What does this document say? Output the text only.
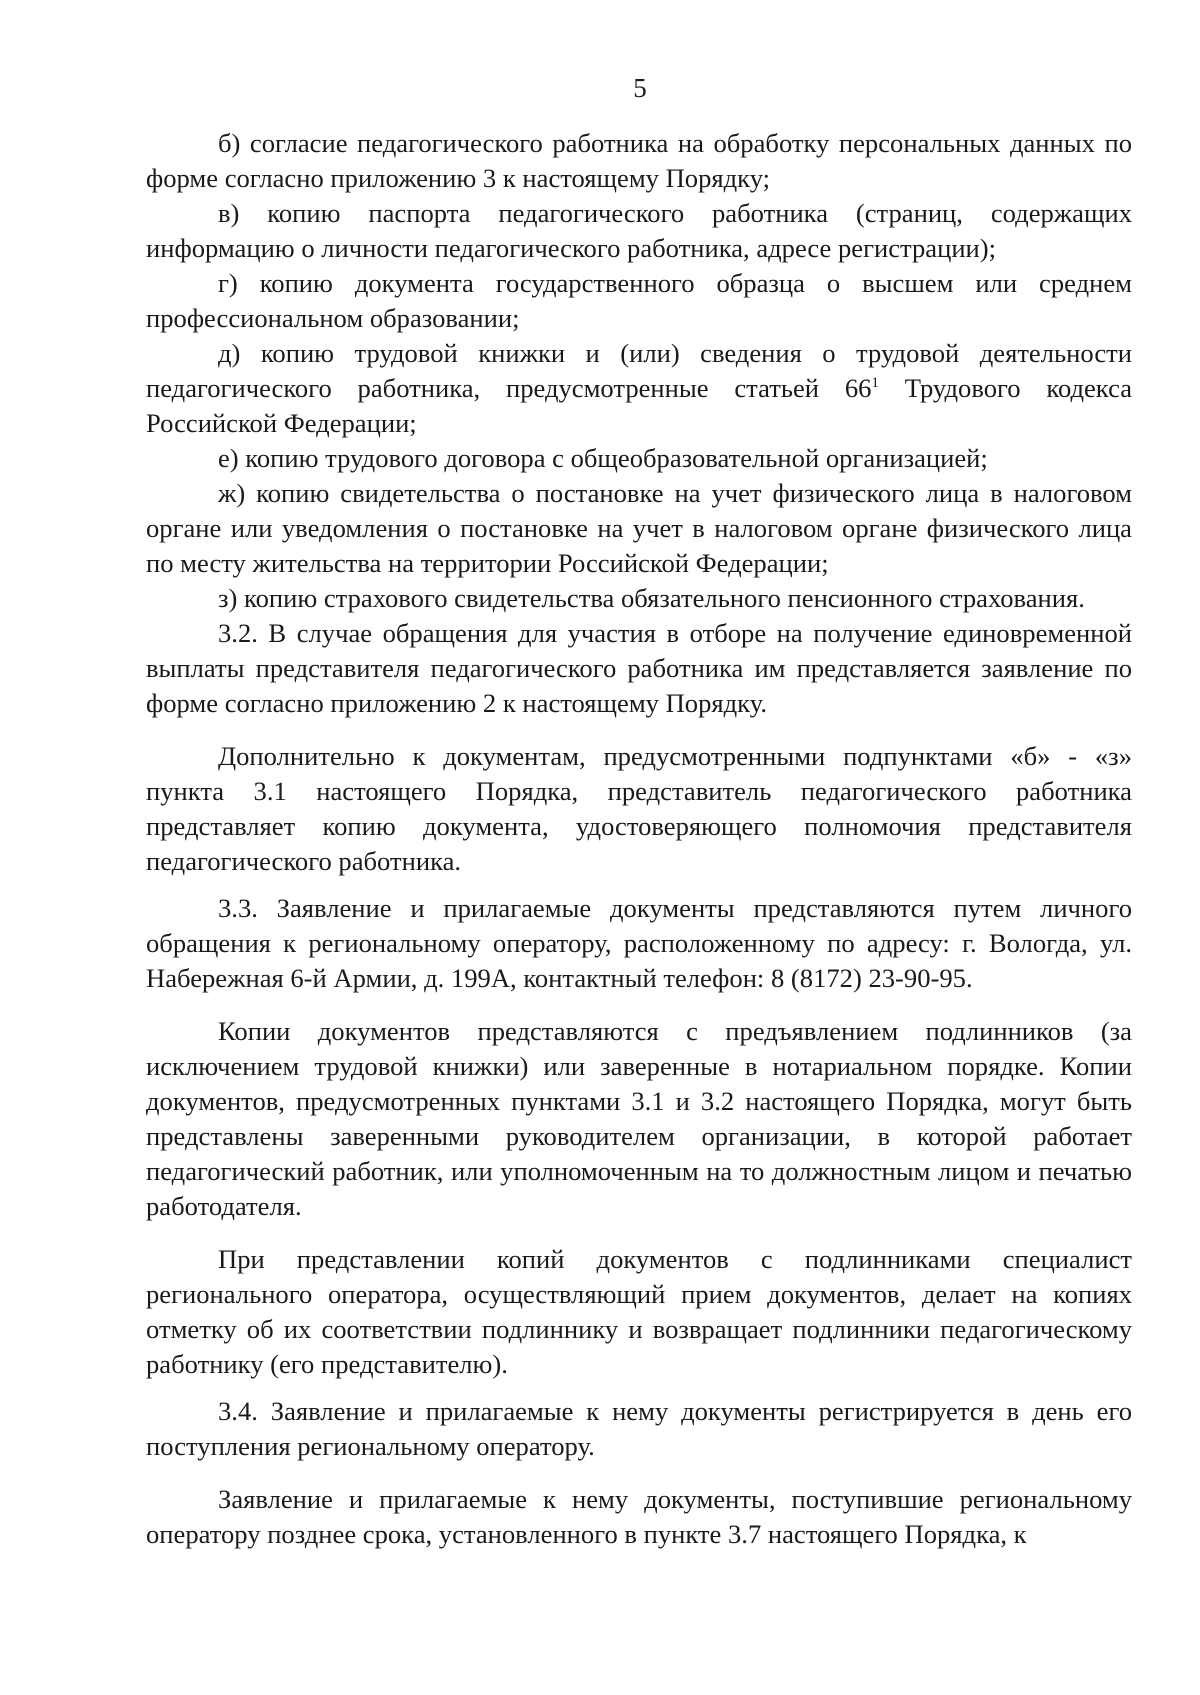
5

б) согласие педагогического работника на обработку персональных данных по форме согласно приложению 3 к настоящему Порядку;

в) копию паспорта педагогического работника (страниц, содержащих информацию о личности педагогического работника, адресе регистрации);

г) копию документа государственного образца о высшем или среднем профессиональном образовании;

д) копию трудовой книжки и (или) сведения о трудовой деятельности педагогического работника, предусмотренные статьей $66^1$ Трудового кодекса Российской Федерации;

е) копию трудового договора с общеобразовательной организацией;

ж) копию свидетельства о постановке на учет физического лица в налоговом органе или уведомления о постановке на учет в налоговом органе физического лица по месту жительства на территории Российской Федерации;

з) копию страхового свидетельства обязательного пенсионного страхования.

3.2. В случае обращения для участия в отборе на получение единовременной выплаты представителя педагогического работника им представляется заявление по форме согласно приложению 2 к настоящему Порядку.

Дополнительно к документам, предусмотренными подпунктами «б» - «з» пункта 3.1 настоящего Порядка, представитель педагогического работника представляет копию документа, удостоверяющего полномочия представителя педагогического работника.

3.3. Заявление и прилагаемые документы представляются путем личного обращения к региональному оператору, расположенному по адресу: г. Вологда, ул. Набережная 6-й Армии, д. 199А, контактный телефон: 8 (8172) 23-90-95.

Копии документов представляются с предъявлением подлинников (за исключением трудовой книжки) или заверенные в нотариальном порядке. Копии документов, предусмотренных пунктами 3.1 и 3.2 настоящего Порядка, могут быть представлены заверенными руководителем организации, в которой работает педагогический работник, или уполномоченным на то должностным лицом и печатью работодателя.

При представлении копий документов с подлинниками специалист регионального оператора, осуществляющий прием документов, делает на копиях отметку об их соответствии подлиннику и возвращает подлинники педагогическому работнику (его представителю).

3.4. Заявление и прилагаемые к нему документы регистрируется в день его поступления региональному оператору.

Заявление и прилагаемые к нему документы, поступившие региональному оператору позднее срока, установленного в пункте 3.7 настоящего Порядка, к
